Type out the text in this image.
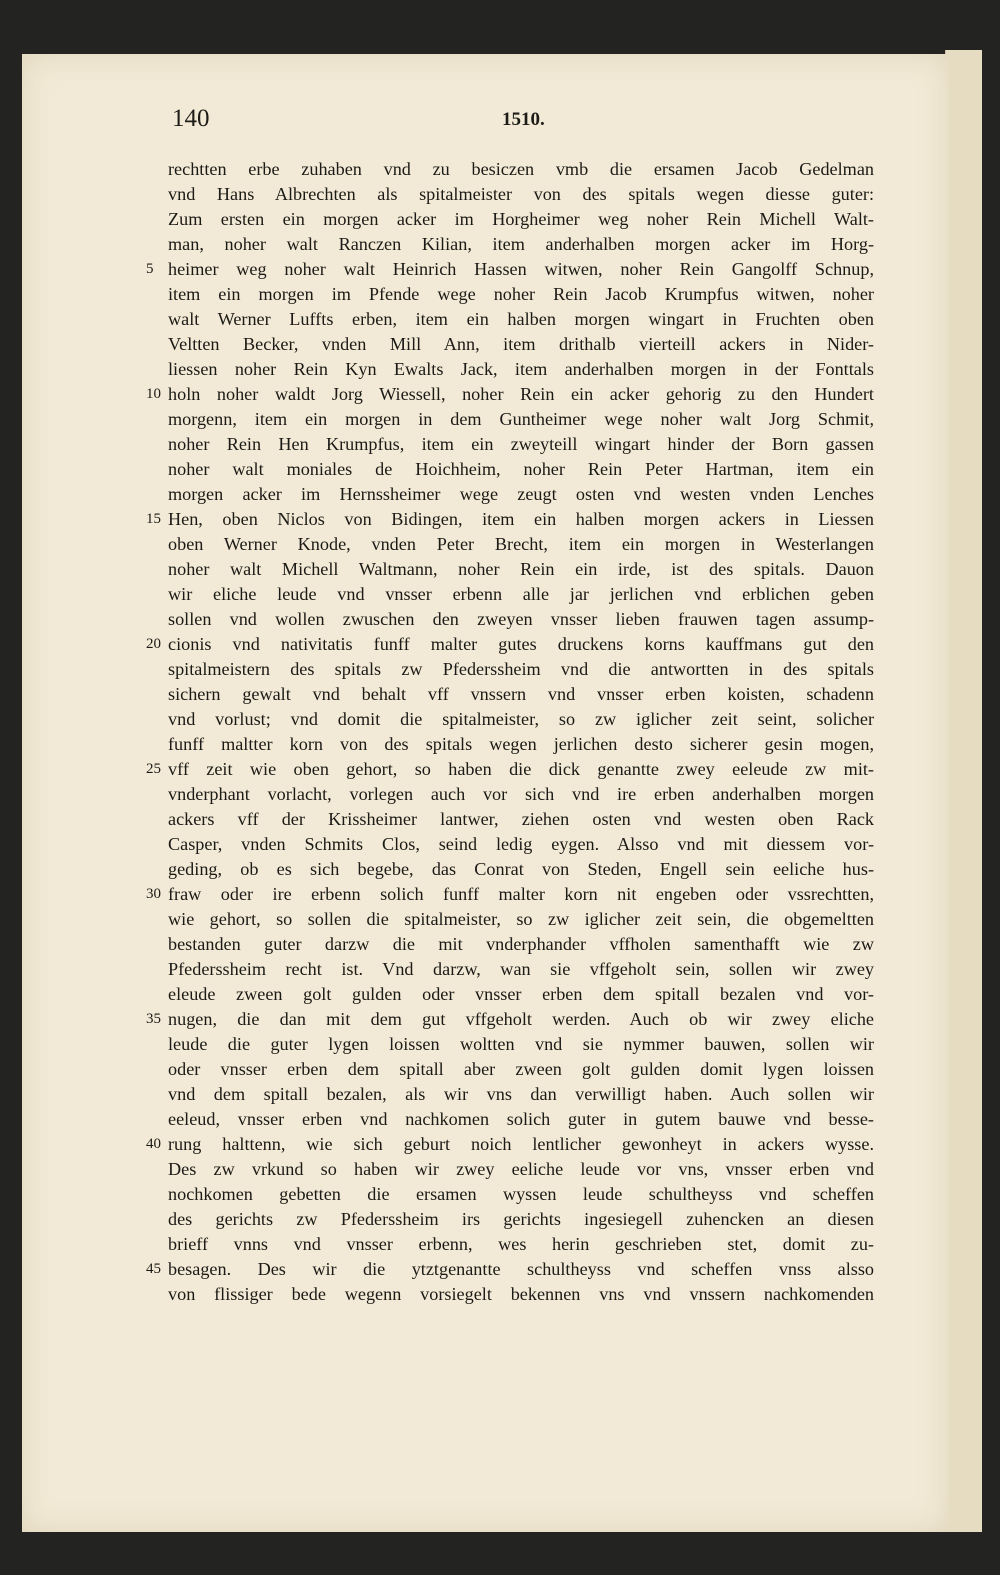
140	1510.
rechtten erbe zuhaben vnd zu besiczen vmb die ersamen Jacob Gedelman
vnd Hans Albrechten als spitalmeister von des spitals wegen diesse guter:
Zum ersten ein morgen acker im Horgheimer weg noher Rein Michell Walt-
man, noher walt Ranczen Kilian, item anderhalben morgen acker im Horg-
5 heimer weg noher walt Heinrich Hassen witwen, noher Rein Gangolff Schnup,
item ein morgen im Pfende wege noher Rein Jacob Krumpfus witwen, noher
walt Werner Luffts erben, item ein halben morgen wingart in Fruchten oben
Veltten Becker, vnden Mill Ann, item drithalb vierteill ackers in Nider-
liessen noher Rein Kyn Ewalts Jack, item anderhalben morgen in der Fonttals
10 holn noher waldt Jorg Wiessell, noher Rein ein acker gehorig zu den Hundert
morgenn, item ein morgen in dem Guntheimer wege noher walt Jorg Schmit,
noher Rein Hen Krumpfus, item ein zweyteill wingart hinder der Born gassen
noher walt moniales de Hoichheim, noher Rein Peter Hartman, item ein
morgen acker im Hernssheimer wege zeugt osten vnd westen vnden Lenches
15 Hen, oben Niclos von Bidingen, item ein halben morgen ackers in Liessen
oben Werner Knode, vnden Peter Brecht, item ein morgen in Westerlangen
noher walt Michell Waltmann, noher Rein ein irde, ist des spitals. Dauon
wir eliche leude vnd vnsser erbenn alle jar jerlichen vnd erblichen geben
sollen vnd wollen zwuschen den zweyen vnsser lieben frauwen tagen assump-
20 cionis vnd nativitatis funff malter gutes druckens korns kauffmans gut den
spitalmeistern des spitals zw Pfederssheim vnd die antwortten in des spitals
sichern gewalt vnd behalt vff vnssern vnd vnsser erben koisten, schadenn
vnd vorlust; vnd domit die spitalmeister, so zw iglicher zeit seint, solicher
funff maltter korn von des spitals wegen jerlichen desto sicherer gesin mogen,
25 vff zeit wie oben gehort, so haben die dick genantte zwey eeleude zw mit-
vnderphant vorlacht, vorlegen auch vor sich vnd ire erben anderhalben morgen
ackers vff der Krissheimer lantwer, ziehen osten vnd westen oben Rack
Casper, vnden Schmits Clos, seind ledig eygen. Alsso vnd mit diessem vor-
geding, ob es sich begebe, das Conrat von Steden, Engell sein eeliche hus-
30 fraw oder ire erbenn solich funff malter korn nit engeben oder vssrechtten,
wie gehort, so sollen die spitalmeister, so zw iglicher zeit sein, die obgemeltten
bestanden guter darzw die mit vnderphander vffholen samenthafft wie zw
Pfederssheim recht ist. Vnd darzw, wan sie vffgeholt sein, sollen wir zwey
eleude zween golt gulden oder vnsser erben dem spitall bezalen vnd vor-
35 nugen, die dan mit dem gut vffgeholt werden. Auch ob wir zwey eliche
leude die guter lygen loissen woltten vnd sie nymmer bauwen, sollen wir
oder vnsser erben dem spitall aber zween golt gulden domit lygen loissen
vnd dem spitall bezalen, als wir vns dan verwilligt haben. Auch sollen wir
eeleud, vnsser erben vnd nachkomen solich guter in gutem bauwe vnd besse-
40 rung halttenn, wie sich geburt noich lentlicher gewonheyt in ackers wysse.
Des zw vrkund so haben wir zwey eeliche leude vor vns, vnsser erben vnd
nochkomen gebetten die ersamen wyssen leude schultheyss vnd scheffen
des gerichts zw Pfederssheim irs gerichts ingesiegell zuhencken an diesen
brieff vnns vnd vnsser erbenn, wes herin geschrieben stet, domit zu-
45 besagen. Des wir die ytztgenantte schultheyss vnd scheffen vnss alsso
von flissiger bede wegenn vorsiegelt bekennen vns vnd vnssern nachkomenden
